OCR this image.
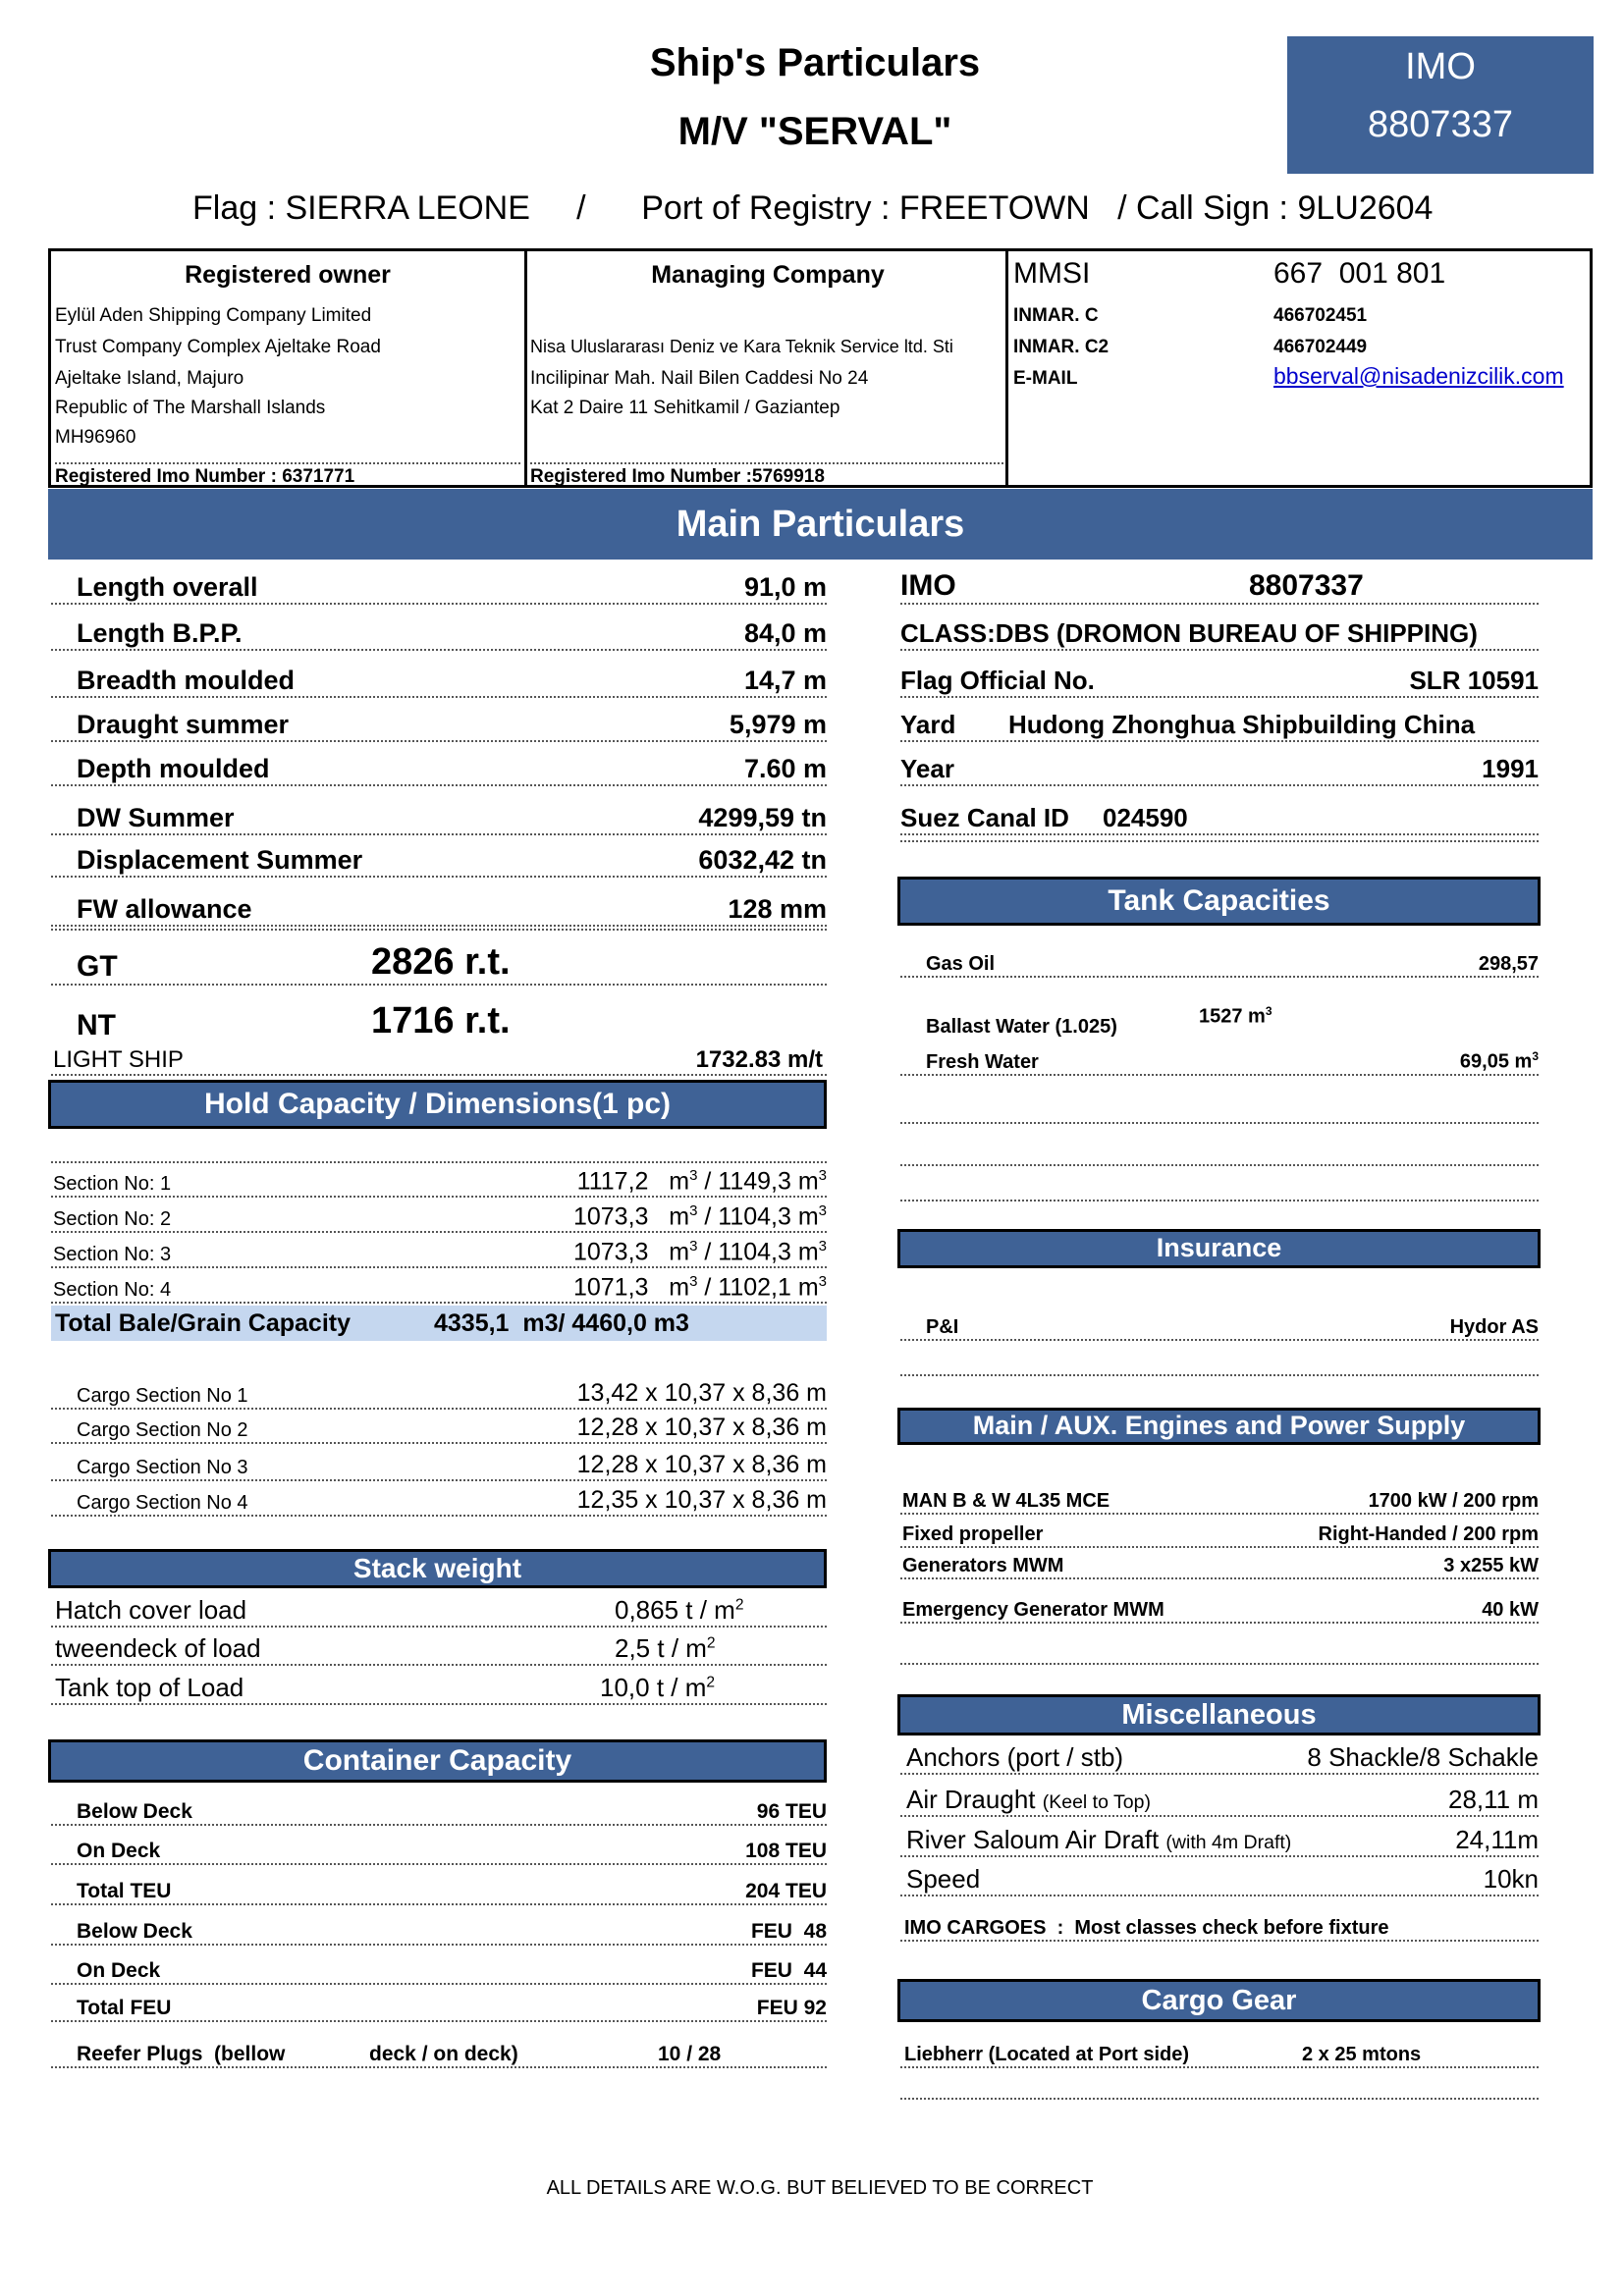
Ship's Particulars
M/V "SERVAL"
IMO
8807337
Flag : SIERRA LEONE     /      Port of Registry : FREETOWN   / Call Sign : 9LU2604
Registered owner
Eylül Aden Shipping Company Limited
Trust Company Complex Ajeltake Road
Ajeltake Island, Majuro
Republic of The Marshall Islands
MH96960
Registered Imo Number : 6371771
Managing Company
Nisa Uluslararası Deniz ve Kara Teknik Service ltd. Sti
Incilipinar Mah. Nail Bilen Caddesi No 24
Kat 2 Daire 11 Sehitkamil / Gaziantep
Registered Imo Number :5769918
MMSI	667  001 801
INMAR. C	466702451
INMAR. C2	466702449
E-MAIL	bbserval@nisadenizcilik.com
Main Particulars
Length overall	91,0 m
Length B.P.P.	84,0 m
Breadth moulded	14,7 m
Draught summer	5,979 m
Depth moulded	7.60 m
DW Summer	4299,59 tn
Displacement Summer	6032,42 tn
FW allowance	128 mm
GT	2826 r.t.
NT	1716 r.t.
LIGHT SHIP	1732.83 m/t
IMO	8807337
CLASS:DBS (DROMON BUREAU OF SHIPPING)
Flag Official No.	SLR 10591
Yard	Hudong Zhonghua Shipbuilding China
Year	1991
Suez Canal ID	024590
Hold Capacity / Dimensions(1 pc)
Section No: 1	1117,2   $m^3 / 1149,3$ $m^3$
Section No: 2	1073,3   $m^3 / 1104,3$ $m^3$
Section No: 3	1073,3   $m^3 / 1104,3$ $m^3$
Section No: 4	1071,3   $m^3 / 1102,1$ $m^3$
Total Bale/Grain Capacity	4335,1  m3/ 4460,0 m3
Cargo Section No 1	13,42 x 10,37 x 8,36 m
Cargo Section No 2	12,28 x 10,37 x 8,36 m
Cargo Section No 3	12,28 x 10,37 x 8,36 m
Cargo Section No 4	12,35 x 10,37 x 8,36 m
Stack weight
Hatch cover load	0,865 t / $m^2$
tweendeck of load	2,5 t / $m^2$
Tank top of Load	10,0 t / $m^2$
Container Capacity
Below Deck	96 TEU
On Deck	108 TEU
Total TEU	204 TEU
Below Deck	FEU  48
On Deck	FEU  44
Total FEU	FEU 92
Reefer Plugs  (bellow	deck / on deck)	10 / 28
Tank Capacities
Gas Oil	298,57
Ballast Water (1.025)	1527 $m^3$
Fresh Water	69,05 $m^3$
Insurance
P&I	Hydor AS
Main / AUX. Engines and Power Supply
MAN B & W 4L35 MCE	1700 kW / 200 rpm
Fixed propeller	Right-Handed / 200 rpm
Generators MWM	3 x255 kW
Emergency Generator MWM	40 kW
Miscellaneous
Anchors (port / stb)	8 Shackle/8 Schakle
Air Draught (Keel to Top)	28,11 m
River Saloum Air Draft (with 4m Draft)	24,11m
Speed	10kn
IMO CARGOES  :  Most classes check before fixture
Cargo Gear
Liebherr (Located at Port side)	2 x 25 mtons
ALL DETAILS ARE W.O.G. BUT BELIEVED TO BE CORRECT
